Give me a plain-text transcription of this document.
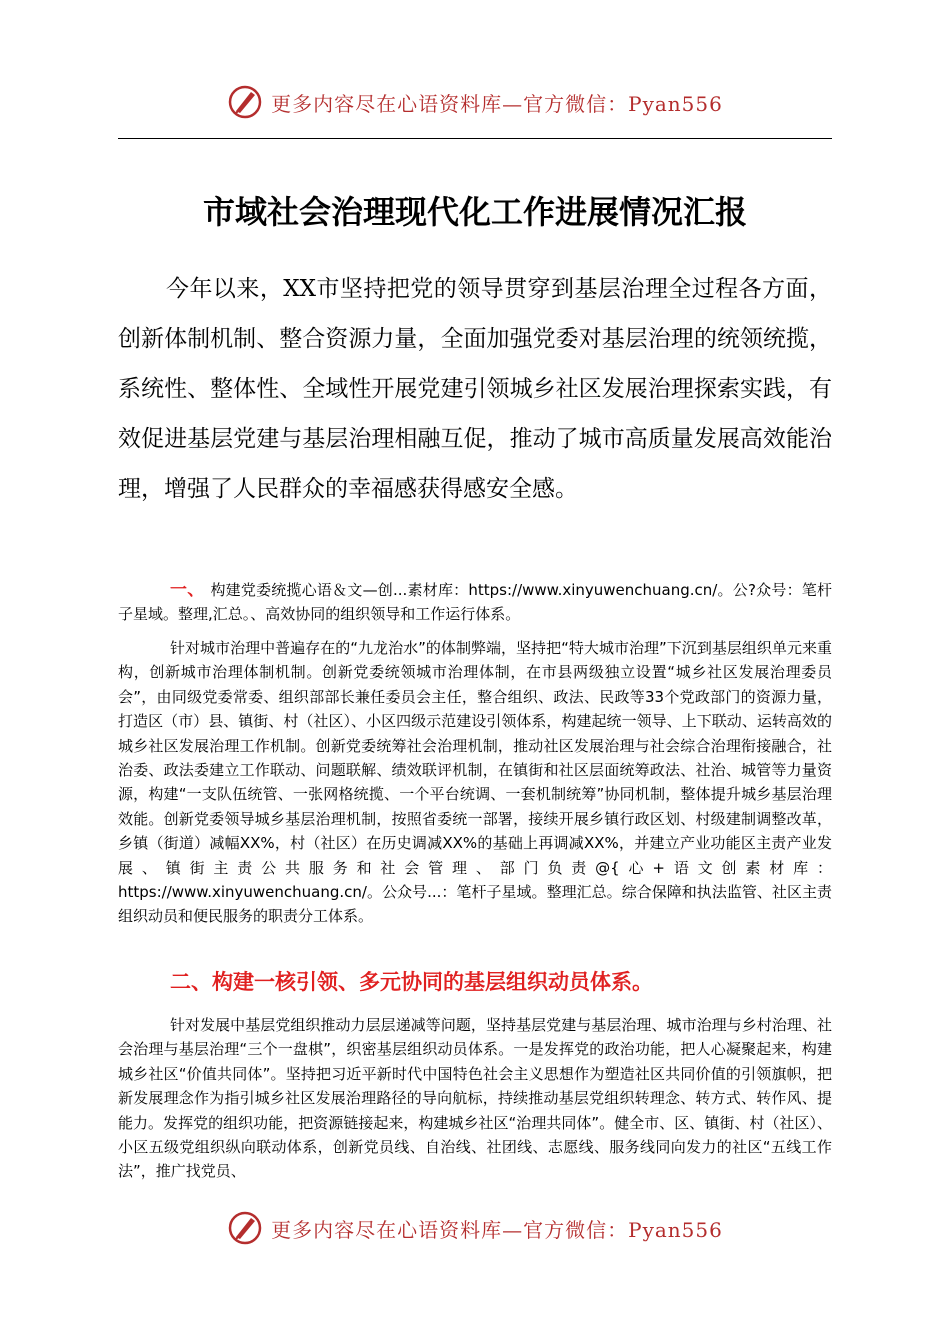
更多内容尽在心语资料库—官方微信：Pyan556
市域社会治理现代化工作进展情况汇报

今年以来，XX市坚持把党的领导贯穿到基层治理全过程各方面，创新体制机制、整合资源力量，全面加强党委对基层治理的统领统揽，系统性、整体性、全域性开展党建引领城乡社区发展治理探索实践，有效促进基层党建与基层治理相融互促，推动了城市高质量发展高效能治理，增强了人民群众的幸福感获得感安全感。

一、 构建党委统揽心语＆文—创...素材库：https://www.xinyuwenchuang.cn/。公?众号：笔杆子星域。整理,汇总。、高效协同的组织领导和工作运行体系。

针对城市治理中普遍存在的“九龙治水”的体制弊端，坚持把“特大城市治理”下沉到基层组织单元来重构，创新城市治理体制机制。创新党委统领城市治理体制，在市县两级独立设置“城乡社区发展治理委员会”，由同级党委常委、组织部部长兼任委员会主任，整合组织、政法、民政等33个党政部门的资源力量，打造区（市）县、镇街、村（社区）、小区四级示范建设引领体系，构建起统一领导、上下联动、运转高效的城乡社区发展治理工作机制。创新党委统筹社会治理机制，推动社区发展治理与社会综合治理衔接融合，社治委、政法委建立工作联动、问题联解、绩效联评机制，在镇街和社区层面统筹政法、社治、城管等力量资源，构建“一支队伍统管、一张网格统揽、一个平台统调、一套机制统筹”协同机制，整体提升城乡基层治理效能。创新党委领导城乡基层治理机制，按照省委统一部署，接续开展乡镇行政区划、村级建制调整改革，乡镇（街道）减幅XX%，村（社区）在历史调减XX%的基础上再调减XX%，并建立产业功能区主责产业发展、镇街主责公共服务和社会管理、部门负责@{心+语文创素材库：https://www.xinyuwenchuang.cn/。公众号...：笔杆子星域。整理汇总。综合保障和执法监管、社区主责组织动员和便民服务的职责分工体系。

二、构建一核引领、多元协同的基层组织动员体系。

针对发展中基层党组织推动力层层递减等问题，坚持基层党建与基层治理、城市治理与乡村治理、社会治理与基层治理“三个一盘棋”，织密基层组织动员体系。一是发挥党的政治功能，把人心凝聚起来，构建城乡社区“价值共同体”。坚持把习近平新时代中国特色社会主义思想作为塑造社区共同价值的引领旗帜，把新发展理念作为指引城乡社区发展治理路径的导向航标，持续推动基层党组织转理念、转方式、转作风、提能力。发挥党的组织功能，把资源链接起来，构建城乡社区“治理共同体”。健全市、区、镇街、村（社区）、小区五级党组织纵向联动体系，创新党员线、自治线、社团线、志愿线、服务线同向发力的社区“五线工作法”，推广找党员、

更多内容尽在心语资料库—官方微信：Pyan556
